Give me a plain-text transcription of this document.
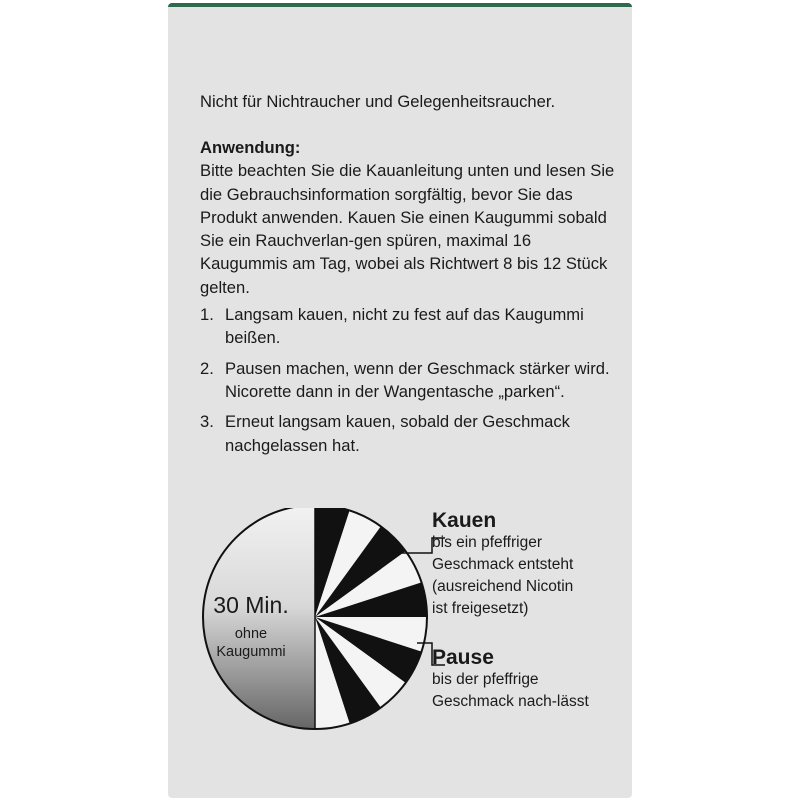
Nicht für Nichtraucher und Gelegenheitsraucher.
Anwendung:
Bitte beachten Sie die Kauanleitung unten und lesen Sie die Gebrauchsinformation sorgfältig, bevor Sie das Produkt anwenden. Kauen Sie einen Kaugummi sobald Sie ein Rauchverlan-gen spüren, maximal 16 Kaugummis am Tag, wobei als Richtwert 8 bis 12 Stück gelten.
1. Langsam kauen, nicht zu fest auf das Kaugummi beißen.
2. Pausen machen, wenn der Geschmack stärker wird. Nicorette dann in der Wangentasche „parken“.
3. Erneut langsam kauen, sobald der Geschmack nachgelassen hat.
30 Min.
ohne
Kaugummi
Kauen
bis ein pfeffriger Geschmack entsteht (ausreichend Nicotin ist freigesetzt)
Pause
bis der pfeffrige Geschmack nach-lässt
